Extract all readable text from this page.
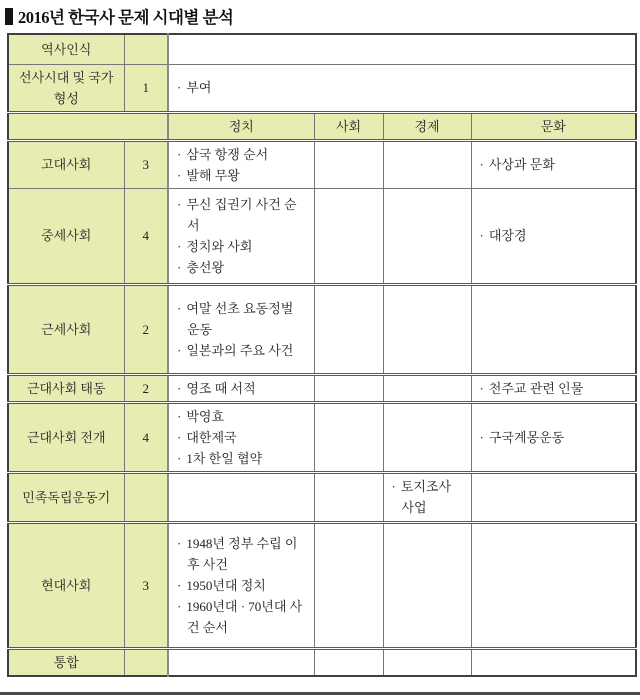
2016년 한국사 문제 시대별 분석
역사인식					
선사시대 및 국가 형성	1	· 부여			

		정치	사회	경제	문화
고대사회	3	· 삼국 항쟁 순서
· 발해 무왕			· 사상과 문화

중세사회	4	· 무신 집권기 사건 순서
· 정치와 사회
· 충선왕			· 대장경

근세사회	2	· 여말 선초 요동정벌 운동
· 일본과의 주요 사건			

근대사회 태동	2	· 영조 때 서적			· 천주교 관련 인물

근대사회 전개	4	· 박영효
· 대한제국
· 1차 한일 협약			· 구국계몽운동

민족독립운동기				· 토지조사 사업	

현대사회	3	· 1948년 정부 수립 이후 사건
· 1950년대 정치
· 1960년대 · 70년대 사건 순서			

통합					
